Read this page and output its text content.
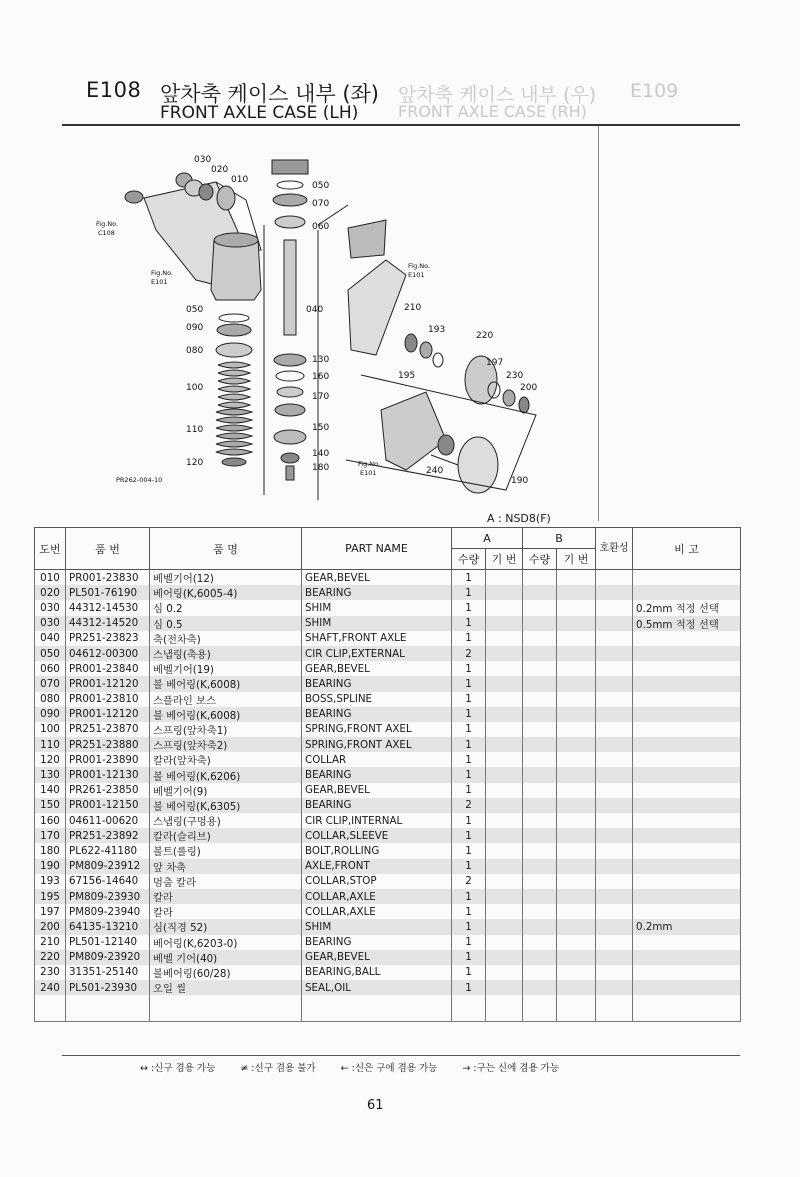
E109
앞차축 케이스 내부 (우)
FRONT AXLE CASE (RH)
E108 앞차축 케이스 내부 (좌)
FRONT AXLE CASE (LH)
030
020
010
050
070
060
050
090
080
100
110
120
040
130
160
170
150
140
180
210
193
220
195
197
230
200
240
190
Fig.No.
C108
Fig.No.
E101
Fig.No.
E101
Fig.No.
E101
PR262-004-10
A : NSD8(F)
도번	품 번	품 명	PART NAME	A		B		호환성	비 고
				수량	기 번	수량	기 번		
010	PR001-23830	베벨기어(12)	GEAR,BEVEL	1					
020	PL501-76190	베어링(K,6005-4)	BEARING	1					
030	44312-14530	심 0.2	SHIM	1					0.2mm 적정 선택
030	44312-14520	심 0.5	SHIM	1					0.5mm 적정 선택
040	PR251-23823	축(전차축)	SHAFT,FRONT AXLE	1					
050	04612-00300	스냅링(축용)	CIR CLIP,EXTERNAL	2					
060	PR001-23840	베벨기어(19)	GEAR,BEVEL	1					
070	PR001-12120	볼 베어링(K,6008)	BEARING	1					
080	PR001-23810	스플라인 보스	BOSS,SPLINE	1					
090	PR001-12120	볼 베어링(K,6008)	BEARING	1					
100	PR251-23870	스프링(앞차축1)	SPRING,FRONT AXEL	1					
110	PR251-23880	스프링(앞차축2)	SPRING,FRONT AXEL	1					
120	PR001-23890	칼라(앞차축)	COLLAR	1					
130	PR001-12130	볼 베어링(K,6206)	BEARING	1					
140	PR261-23850	베벨기어(9)	GEAR,BEVEL	1					
150	PR001-12150	볼 베어링(K,6305)	BEARING	2					
160	04611-00620	스냅링(구멍용)	CIR CLIP,INTERNAL	1					
170	PR251-23892	칼라(슬리브)	COLLAR,SLEEVE	1					
180	PL622-41180	볼트(롤링)	BOLT,ROLLING	1					
190	PM809-23912	앞 차축	AXLE,FRONT	1					
193	67156-14640	멈춤 칼라	COLLAR,STOP	2					
195	PM809-23930	칼라	COLLAR,AXLE	1					
197	PM809-23940	칼라	COLLAR,AXLE	1					
200	64135-13210	심(직경 52)	SHIM	1					0.2mm
210	PL501-12140	베어링(K,6203-0)	BEARING	1					
220	PM809-23920	베벨 기어(40)	GEAR,BEVEL	1					
230	31351-25140	볼베어링(60/28)	BEARING,BALL	1					
240	PL501-23930	오일 씰	SEAL,OIL	1					

↔ :신구 겸용 가능	≠ :신구 겸용 불가	← :신은 구에 겸용 가능	→ :구는 신에 겸용 가능
61
